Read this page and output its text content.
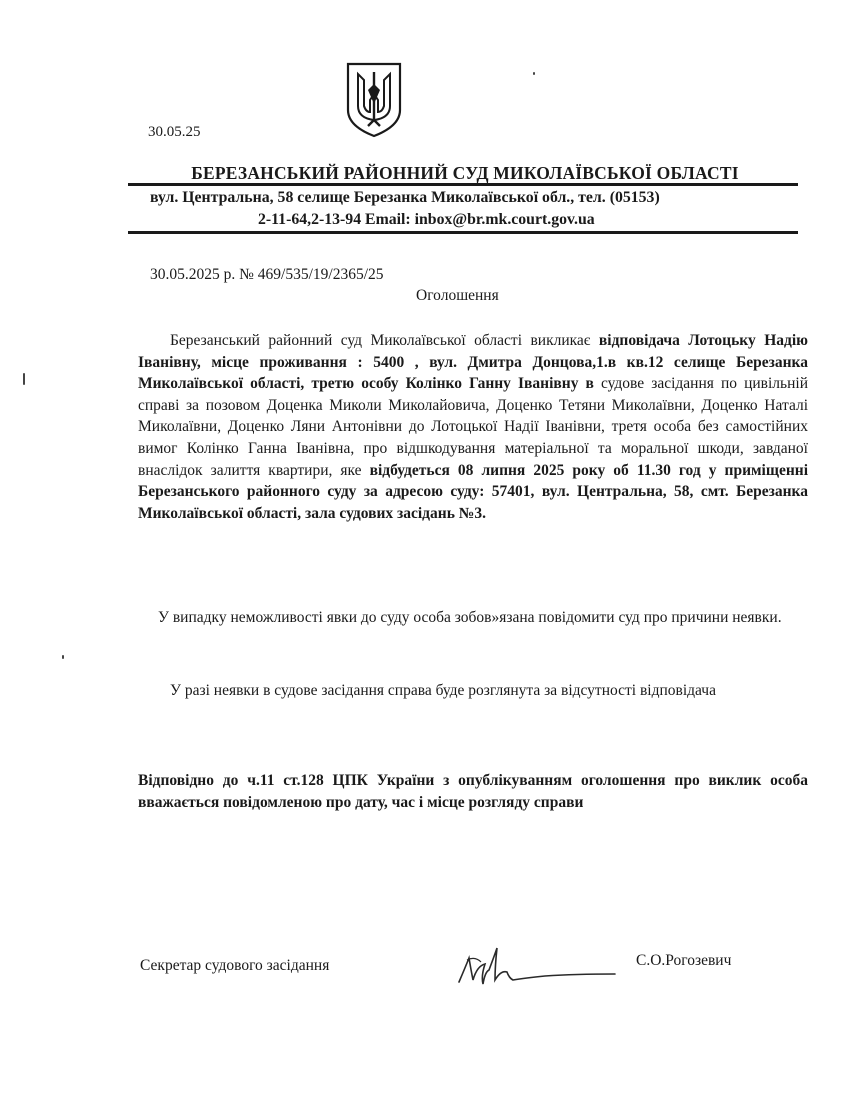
30.05.25
БЕРЕЗАНСЬКИЙ РАЙОННИЙ СУД МИКОЛАЇВСЬКОЇ ОБЛАСТІ
вул. Центральна, 58 селище Березанка Миколаївської обл., тел. (05153)
2-11-64,2-13-94 Email: inbox@br.mk.court.gov.ua
30.05.2025 р. № 469/535/19/2365/25
Оголошення

Березанський районний суд Миколаївської області викликає відповідача Лотоцьку Надію Іванівну, місце проживання : 5400 , вул. Дмитра Донцова,1.в кв.12 селище Березанка Миколаївської області, третю особу Колінко Ганну Іванівну в судове засідання по цивільній справі за позовом Доценка Миколи Миколайовича, Доценко Тетяни Миколаївни, Доценко Наталі Миколаївни, Доценко Ляни Антонівни до Лотоцької Надії Іванівни, третя особа без самостійних вимог Колінко Ганна Іванівна, про відшкодування матеріальної та моральної шкоди, завданої внаслідок залиття квартири, яке відбудеться 08 липня 2025 року об 11.30 год у приміщенні Березанського районного суду за адресою суду: 57401, вул. Центральна, 58, смт. Березанка Миколаївської області, зала судових засідань №3.

У випадку неможливості явки до суду особа зобов»язана повідомити суд про причини неявки.

У разі неявки в судове засідання справа буде розглянута за відсутності відповідача

Відповідно до ч.11 ст.128 ЦПК України з опублікуванням оголошення про виклик особа вважається повідомленою про дату, час і місце розгляду справи

Секретар судового засідання	С.О.Рогозевич
